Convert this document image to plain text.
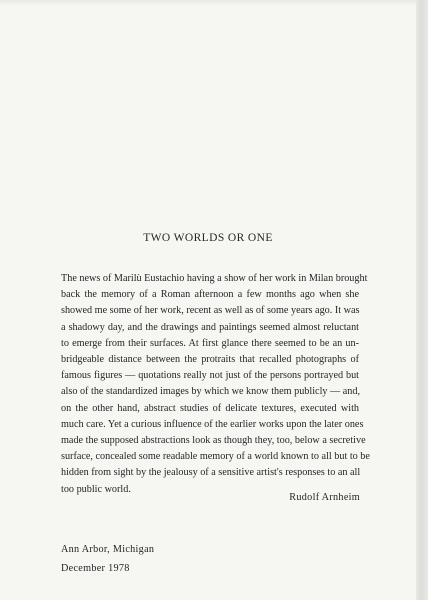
TWO WORLDS OR ONE
The news of Marilù Eustachio having a show of her work in Milan brought
back the memory of a Roman afternoon a few months ago when she
showed me some of her work, recent as well as of some years ago. It was
a shadowy day, and the drawings and paintings seemed almost reluctant
to emerge from their surfaces. At first glance there seemed to be an un-
bridgeable distance between the protraits that recalled photographs of
famous figures — quotations really not just of the persons portrayed but
also of the standardized images by which we know them publicly — and,
on the other hand, abstract studies of delicate textures, executed with
much care. Yet a curious influence of the earlier works upon the later ones
made the supposed abstractions look as though they, too, below a secretive
surface, concealed some readable memory of a world known to all but to be
hidden from sight by the jealousy of a sensitive artist's responses to an all
too public world.
Rudolf Arnheim
Ann Arbor, Michigan
December 1978
